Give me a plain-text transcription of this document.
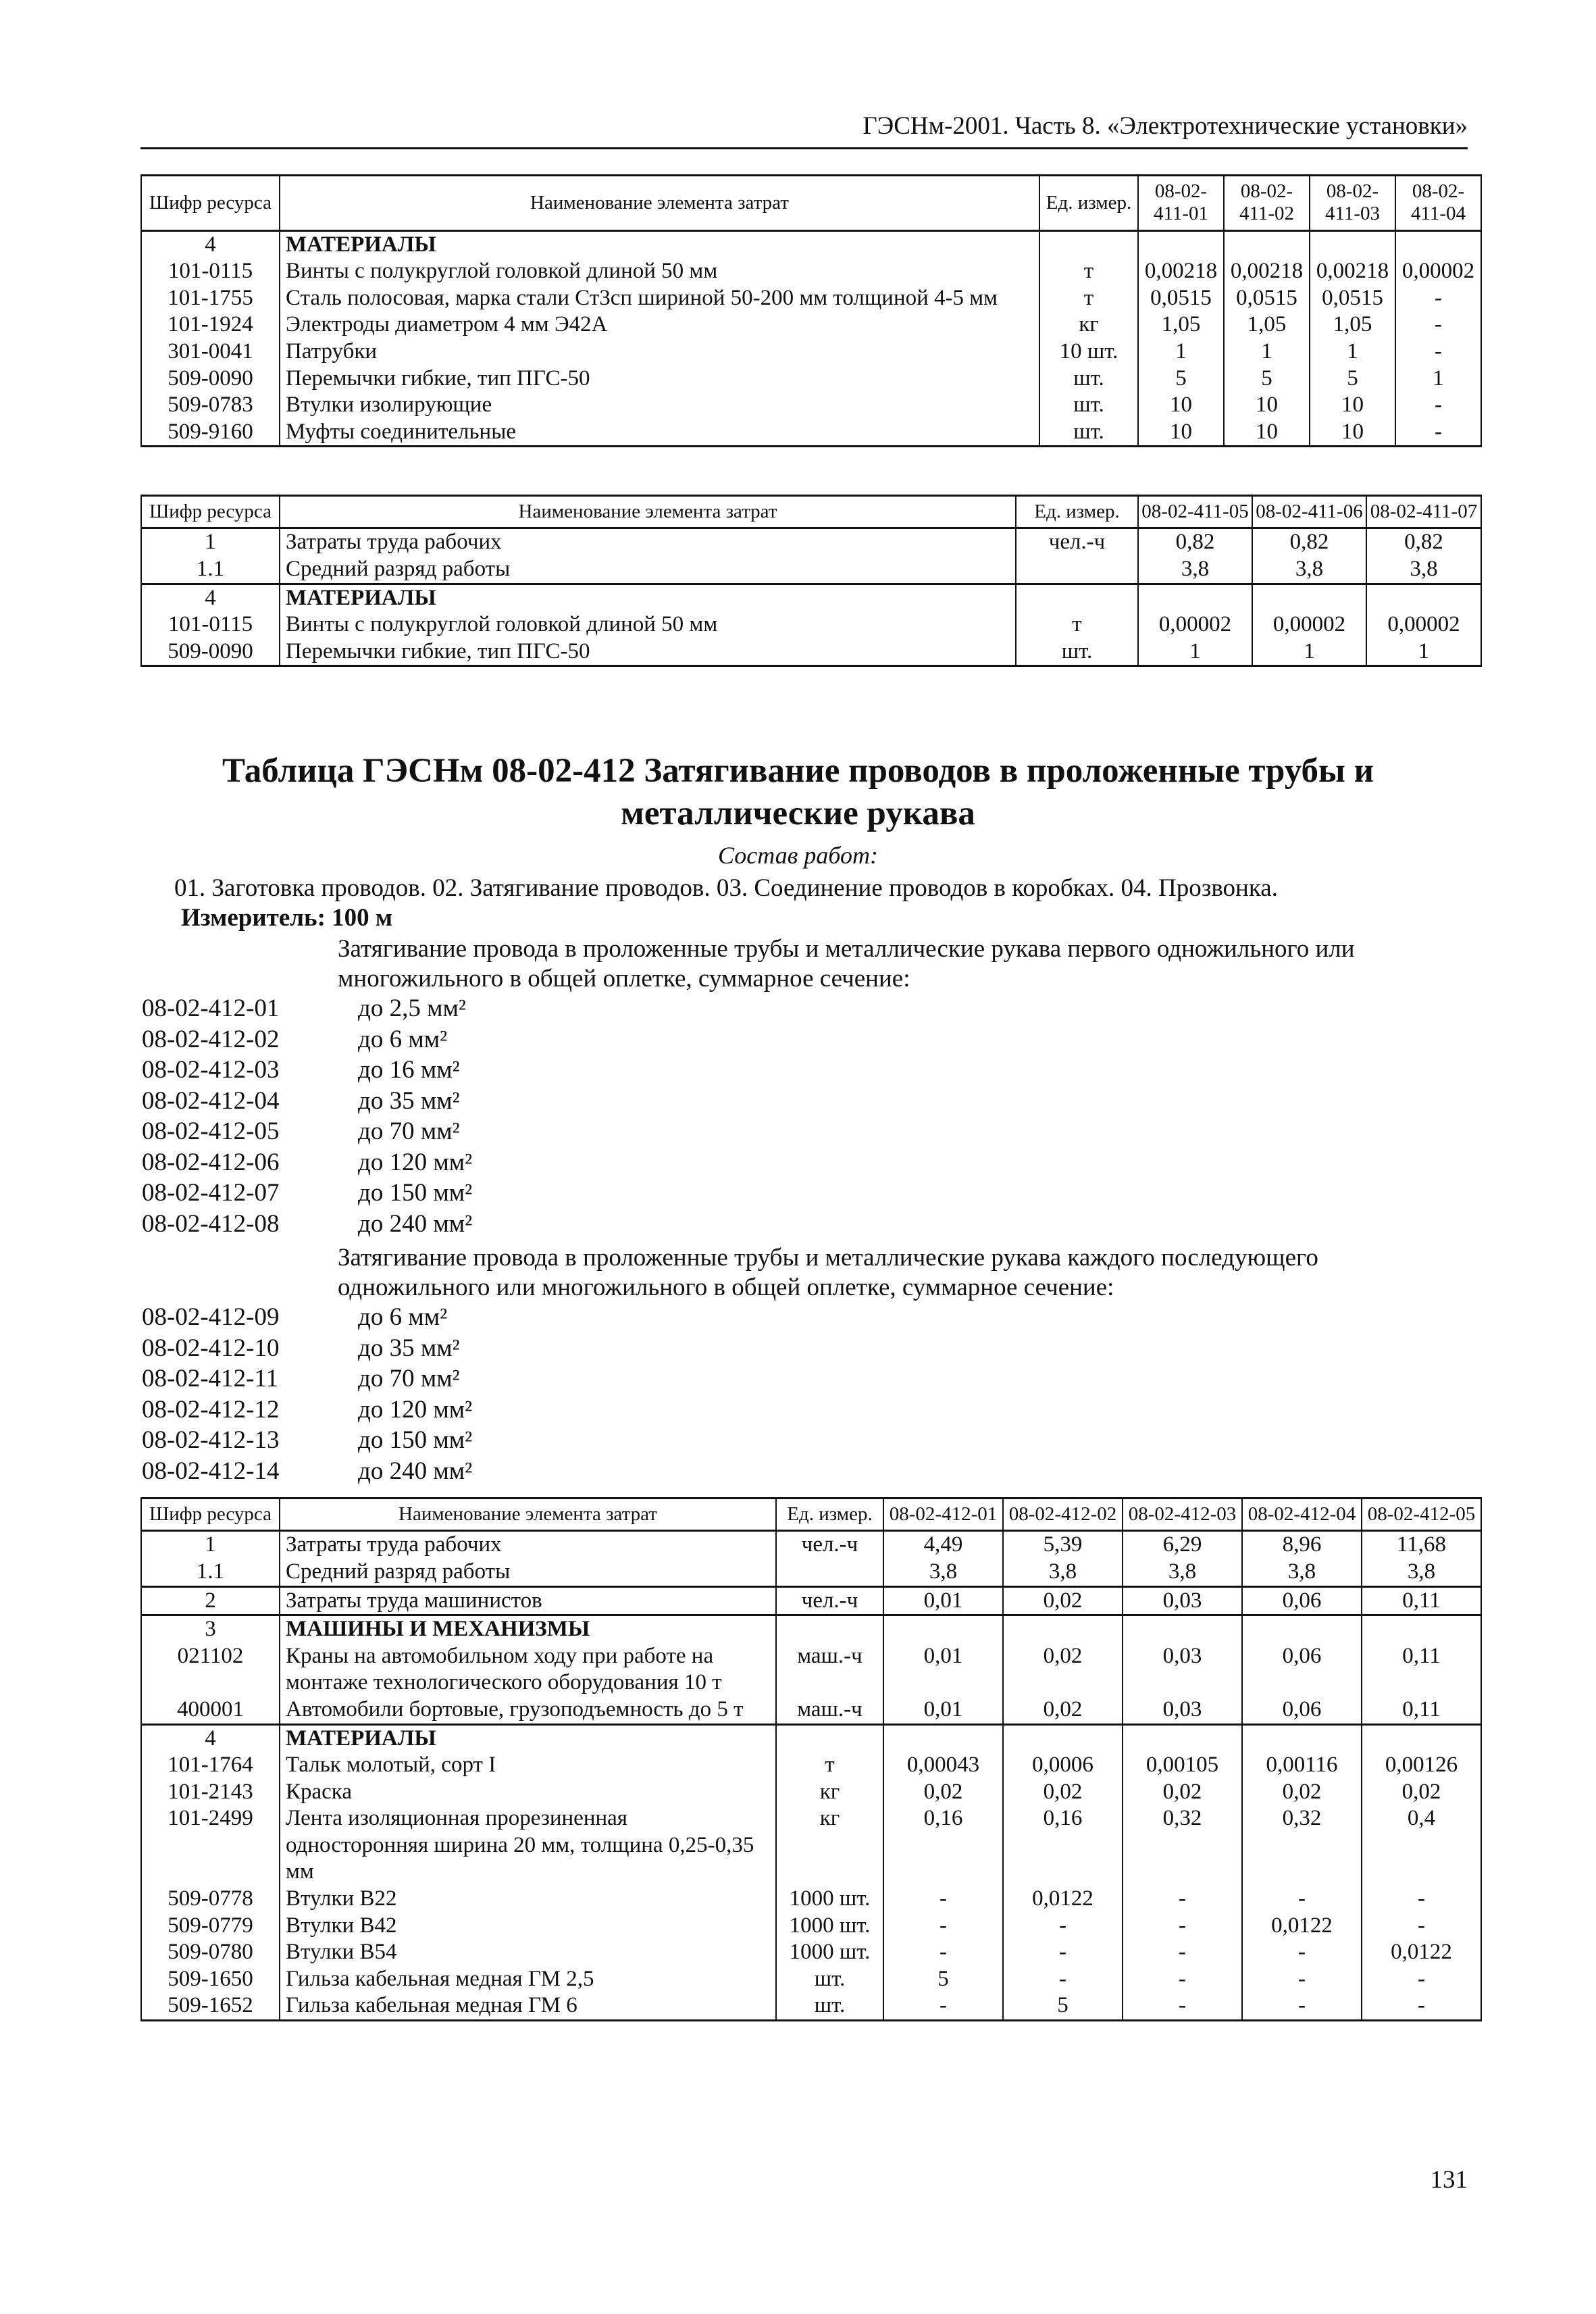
ГЭСНм-2001. Часть 8. «Электротехнические установки»
Шифр ресурса	Наименование элемента затрат	Ед. измер.	08-02-411-01	08-02-411-02	08-02-411-03	08-02-411-04
4	МАТЕРИАЛЫ					
101-0115	Винты с полукруглой головкой длиной 50 мм	т	0,00218	0,00218	0,00218	0,00002
101-1755	Сталь полосовая, марка стали Ст3сп шириной 50-200 мм толщиной 4-5 мм	т	0,0515	0,0515	0,0515	-
101-1924	Электроды диаметром 4 мм Э42А	кг	1,05	1,05	1,05	-
301-0041	Патрубки	10 шт.	1	1	1	-
509-0090	Перемычки гибкие, тип ПГС-50	шт.	5	5	5	1
509-0783	Втулки изолирующие	шт.	10	10	10	-
509-9160	Муфты соединительные	шт.	10	10	10	-
Шифр ресурса	Наименование элемента затрат	Ед. измер.	08-02-411-05	08-02-411-06	08-02-411-07
1	Затраты труда рабочих	чел.-ч	0,82	0,82	0,82
1.1	Средний разряд работы		3,8	3,8	3,8
4	МАТЕРИАЛЫ				
101-0115	Винты с полукруглой головкой длиной 50 мм	т	0,00002	0,00002	0,00002
509-0090	Перемычки гибкие, тип ПГС-50	шт.	1	1	1
Таблица ГЭСНм 08-02-412 Затягивание проводов в проложенные трубы и
металлические рукава
Состав работ:
01. Заготовка проводов. 02. Затягивание проводов. 03. Соединение проводов в коробках. 04. Прозвонка.
Измеритель: 100 м
Затягивание провода в проложенные трубы и металлические рукава первого одножильного или
многожильного в общей оплетке, суммарное сечение:
08-02-412-01	до 2,5 мм²
08-02-412-02	до 6 мм²
08-02-412-03	до 16 мм²
08-02-412-04	до 35 мм²
08-02-412-05	до 70 мм²
08-02-412-06	до 120 мм²
08-02-412-07	до 150 мм²
08-02-412-08	до 240 мм²
Затягивание провода в проложенные трубы и металлические рукава каждого последующего
одножильного или многожильного в общей оплетке, суммарное сечение:
08-02-412-09	до 6 мм²
08-02-412-10	до 35 мм²
08-02-412-11	до 70 мм²
08-02-412-12	до 120 мм²
08-02-412-13	до 150 мм²
08-02-412-14	до 240 мм²
Шифр ресурса	Наименование элемента затрат	Ед. измер.	08-02-412-01	08-02-412-02	08-02-412-03	08-02-412-04	08-02-412-05
1	Затраты труда рабочих	чел.-ч	4,49	5,39	6,29	8,96	11,68
1.1	Средний разряд работы		3,8	3,8	3,8	3,8	3,8
2	Затраты труда машинистов	чел.-ч	0,01	0,02	0,03	0,06	0,11
3	МАШИНЫ И МЕХАНИЗМЫ						
021102	Краны на автомобильном ходу при работе на монтаже технологического оборудования 10 т	маш.-ч	0,01	0,02	0,03	0,06	0,11
400001	Автомобили бортовые, грузоподъемность до 5 т	маш.-ч	0,01	0,02	0,03	0,06	0,11
4	МАТЕРИАЛЫ						
101-1764	Тальк молотый, сорт I	т	0,00043	0,0006	0,00105	0,00116	0,00126
101-2143	Краска	кг	0,02	0,02	0,02	0,02	0,02
101-2499	Лента изоляционная прорезиненная односторонняя ширина 20 мм, толщина 0,25-0,35 мм	кг	0,16	0,16	0,32	0,32	0,4
509-0778	Втулки В22	1000 шт.	-	0,0122	-	-	-
509-0779	Втулки В42	1000 шт.	-	-	-	0,0122	-
509-0780	Втулки В54	1000 шт.	-	-	-	-	0,0122
509-1650	Гильза кабельная медная ГМ 2,5	шт.	5	-	-	-	-
509-1652	Гильза кабельная медная ГМ 6	шт.	-	5	-	-	-
131
